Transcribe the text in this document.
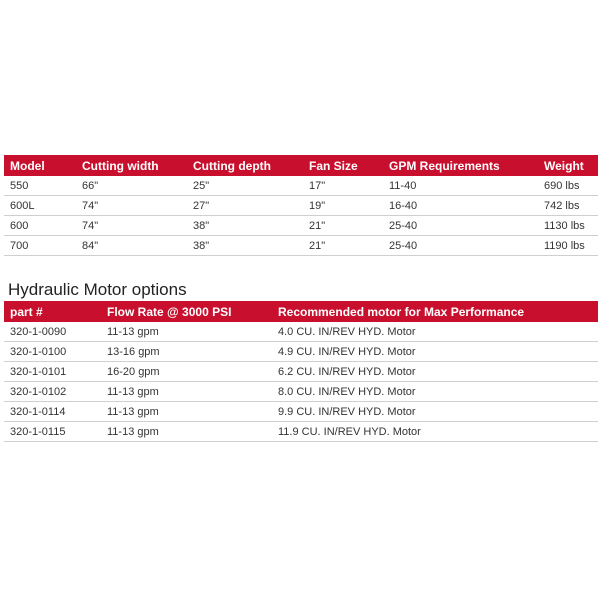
Model	Cutting width	Cutting depth	Fan Size	GPM Requirements	Weight
550	66"	25"	17"	11-40	690 lbs
600L	74"	27"	19"	16-40	742 lbs
600	74"	38"	21"	25-40	1130 lbs
700	84"	38"	21"	25-40	1190 lbs
Hydraulic Motor options
part #	Flow Rate @ 3000 PSI	Recommended motor for Max Performance
320-1-0090	11-13 gpm	4.0 CU. IN/REV HYD. Motor
320-1-0100	13-16 gpm	4.9 CU. IN/REV HYD. Motor
320-1-0101	16-20 gpm	6.2 CU. IN/REV HYD. Motor
320-1-0102	11-13 gpm	8.0 CU. IN/REV HYD. Motor
320-1-0114	11-13 gpm	9.9 CU. IN/REV HYD. Motor
320-1-0115	11-13 gpm	11.9 CU. IN/REV HYD. Motor
